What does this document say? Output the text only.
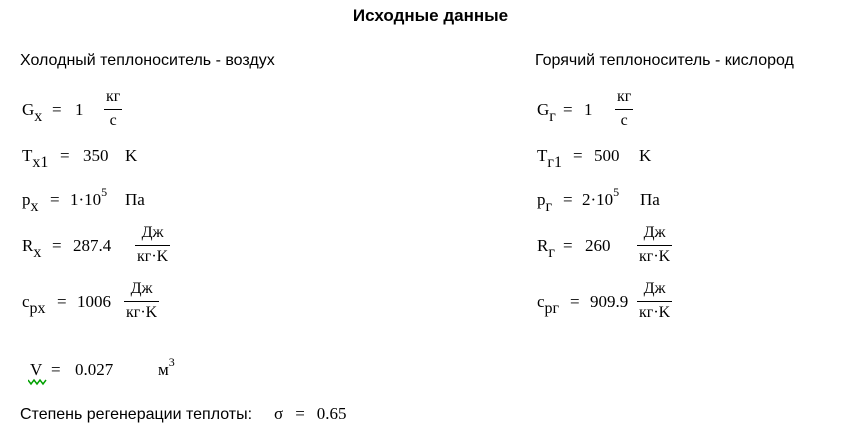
Исходные данные
Холодный теплоноситель - воздух
Gx = 1
кг
с
Tx1 = 350 K
px = $1\cdot 10^5$ Па
Rx = 287.4
Дж
кг·K
cpx = 1006
Дж
кг·K
V = 0.027	$м^3$
Горячий теплоноситель - кислород
Gг = 1
кг
с
Tг1 = 500 K
pг = $2\cdot 10^5$ Па
Rг = 260
Дж
кг·K
cpг = 909.9
Дж
кг·K
Степень регенерации теплоты: σ = 0.65
